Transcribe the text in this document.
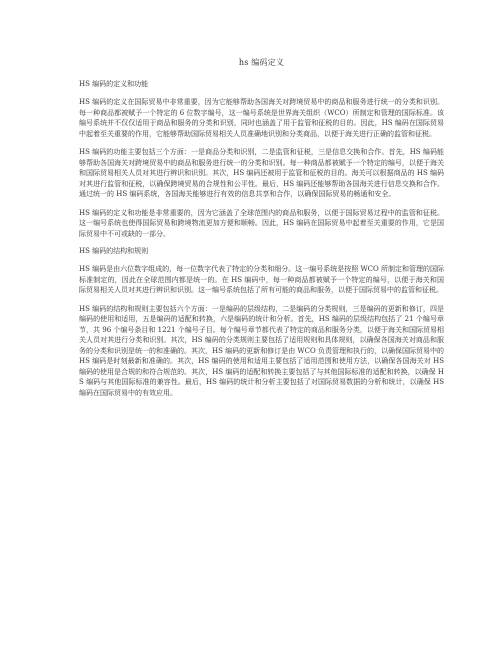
hs 编码定义
HS 编码的定义和功能

HS 编码的定义在国际贸易中非常重要，因为它能够帮助各国海关对跨境贸易中的商品和服务进行统一的分类和识别。每一种商品都被赋予一个特定的 6 位数字编号，这一编号系统是世界海关组织（WCO）所制定和管理的国际标准。该编号系统并不仅仅适用于商品和服务的分类和识别，同时也涵盖了用于监管和征税的目的。因此，HS 编码在国际贸易中起着至关重要的作用，它能够帮助国际贸易相关人员准确地识别和分类商品，以便于海关进行正确的监管和征税。

HS 编码的功能主要包括三个方面：一是商品分类和识别，二是监管和征税，三是信息交换和合作。首先，HS 编码能够帮助各国海关对跨境贸易中的商品和服务进行统一的分类和识别。每一种商品都被赋予一个特定的编号，以便于海关和国际贸易相关人员对其进行辨识和识别。其次，HS 编码还被用于监管和征税的目的。海关可以根据商品的 HS 编码对其进行监管和征税，以确保跨境贸易的合规性和公平性。最后，HS 编码还能够帮助各国海关进行信息交换和合作。通过统一的 HS 编码系统，各国海关能够进行有效的信息共享和合作，以确保国际贸易的畅通和安全。

HS 编码的定义和功能是非常重要的，因为它涵盖了全球范围内的商品和服务，以便于国际贸易过程中的监管和征税。这一编号系统也使得国际贸易和跨境物流更加方便和顺畅。因此，HS 编码在国际贸易中起着至关重要的作用，它是国际贸易中不可或缺的一部分。

HS 编码的结构和规则

HS 编码是由六位数字组成的，每一位数字代表了特定的分类和细分。这一编号系统是按照 WCO 所制定和管理的国际标准制定的，因此在全球范围内都是统一的。在 HS 编码中，每一种商品都被赋予一个特定的编号，以便于海关和国际贸易相关人员对其进行辨识和识别。这一编号系统包括了所有可能的商品和服务，以便于国际贸易中的监管和征税。

HS 编码的结构和规则主要包括六个方面：一是编码的层级结构，二是编码的分类规则，三是编码的更新和修订，四是编码的使用和适用，五是编码的适配和转换，六是编码的统计和分析。首先，HS 编码的层级结构包括了 21 个编号章节，共 96 个编号条目和 1221 个编号子目。每个编号章节都代表了特定的商品和服务分类，以便于海关和国际贸易相关人员对其进行分类和识别。其次，HS 编码的分类规则主要包括了适用规则和具体规则，以确保各国海关对商品和服务的分类和识别是统一的和准确的。其次，HS 编码的更新和修订是由 WCO 负责管理和执行的，以确保国际贸易中的 HS 编码是时刻最新和准确的。其次，HS 编码的使用和适用主要包括了适用范围和使用方法，以确保各国海关对 HS 编码的使用是合规的和符合规范的。其次，HS 编码的适配和转换主要包括了与其他国际标准的适配和转换，以确保 HS 编码与其他国际标准的兼容性。最后，HS 编码的统计和分析主要包括了对国际贸易数据的分析和统计，以确保 HS 编码在国际贸易中的有效应用。
